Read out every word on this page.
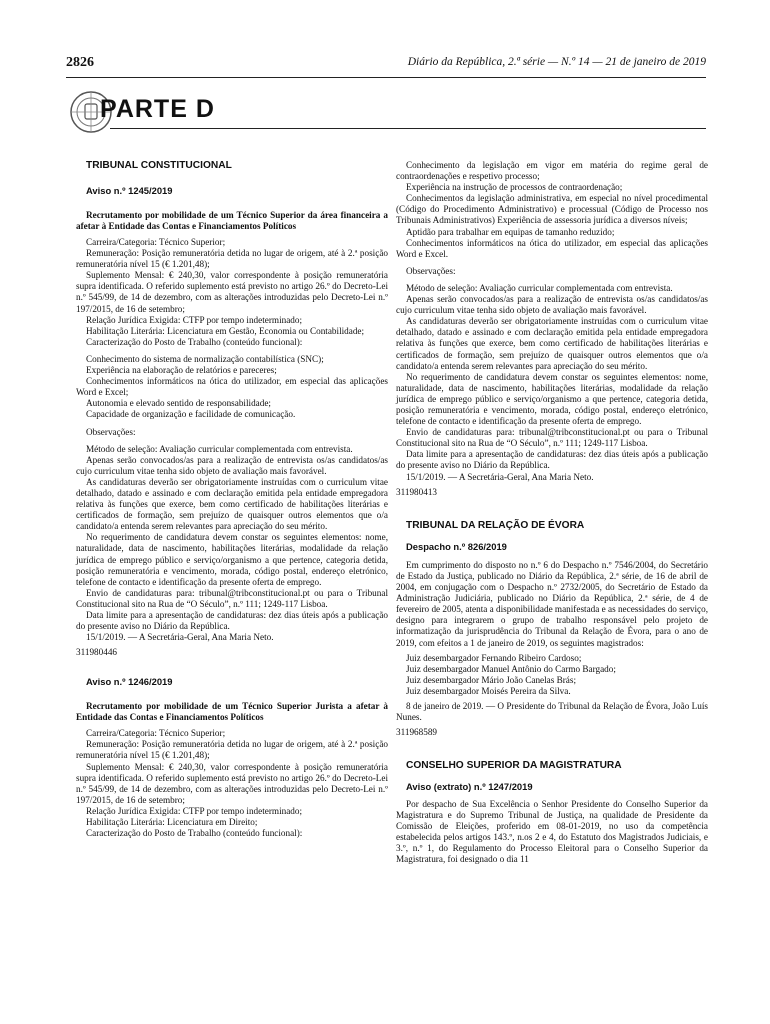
2826	Diário da República, 2.ª série — N.º 14 — 21 de janeiro de 2019
PARTE D

TRIBUNAL CONSTITUCIONAL

Aviso n.º 1245/2019

Recrutamento por mobilidade de um Técnico Superior da área financeira a afetar à Entidade das Contas e Financiamentos Políticos

Carreira/Categoria: Técnico Superior;

Remuneração: Posição remuneratória detida no lugar de origem, até à 2.ª posição remuneratória nível 15 (€ 1.201,48);

Suplemento Mensal: € 240,30, valor correspondente à posição remuneratória supra identificada. O referido suplemento está previsto no artigo 26.º do Decreto-Lei n.º 545/99, de 14 de dezembro, com as alterações introduzidas pelo Decreto-Lei n.º 197/2015, de 16 de setembro;

Relação Jurídica Exigida: CTFP por tempo indeterminado;

Habilitação Literária: Licenciatura em Gestão, Economia ou Contabilidade;

Caracterização do Posto de Trabalho (conteúdo funcional):

Conhecimento do sistema de normalização contabilística (SNC);

Experiência na elaboração de relatórios e pareceres;

Conhecimentos informáticos na ótica do utilizador, em especial das aplicações Word e Excel;

Autonomia e elevado sentido de responsabilidade;

Capacidade de organização e facilidade de comunicação.

Observações:

Método de seleção: Avaliação curricular complementada com entrevista.

Apenas serão convocados/as para a realização de entrevista os/as candidatos/as cujo curriculum vitae tenha sido objeto de avaliação mais favorável.

As candidaturas deverão ser obrigatoriamente instruídas com o curriculum vitae detalhado, datado e assinado e com declaração emitida pela entidade empregadora relativa às funções que exerce, bem como certificado de habilitações literárias e certificados de formação, sem prejuízo de quaisquer outros elementos que o/a candidato/a entenda serem relevantes para apreciação do seu mérito.

No requerimento de candidatura devem constar os seguintes elementos: nome, naturalidade, data de nascimento, habilitações literárias, modalidade da relação jurídica de emprego público e serviço/organismo a que pertence, categoria detida, posição remuneratória e vencimento, morada, código postal, endereço eletrónico, telefone de contacto e identificação da presente oferta de emprego.

Envio de candidaturas para: tribunal@tribconstitucional.pt ou para o Tribunal Constitucional sito na Rua de “O Século”, n.º 111; 1249-117 Lisboa.

Data limite para a apresentação de candidaturas: dez dias úteis após a publicação do presente aviso no Diário da República.

15/1/2019. — A Secretária-Geral, Ana Maria Neto.

311980446

Aviso n.º 1246/2019

Recrutamento por mobilidade de um Técnico Superior Jurista a afetar à Entidade das Contas e Financiamentos Políticos

Carreira/Categoria: Técnico Superior;

Remuneração: Posição remuneratória detida no lugar de origem, até à 2.ª posição remuneratória nível 15 (€ 1.201,48);

Suplemento Mensal: € 240,30, valor correspondente à posição remuneratória supra identificada. O referido suplemento está previsto no artigo 26.º do Decreto-Lei n.º 545/99, de 14 de dezembro, com as alterações introduzidas pelo Decreto-Lei n.º 197/2015, de 16 de setembro;

Relação Jurídica Exigida: CTFP por tempo indeterminado;

Habilitação Literária: Licenciatura em Direito;

Caracterização do Posto de Trabalho (conteúdo funcional):

Conhecimento da legislação em vigor em matéria do regime geral de contraordenações e respetivo processo;

Experiência na instrução de processos de contraordenação;

Conhecimentos da legislação administrativa, em especial no nível procedimental (Código do Procedimento Administrativo) e processual (Código de Processo nos Tribunais Administrativos) Experiência de assessoria jurídica a diversos níveis;

Aptidão para trabalhar em equipas de tamanho reduzido;

Conhecimentos informáticos na ótica do utilizador, em especial das aplicações Word e Excel.

Observações:

Método de seleção: Avaliação curricular complementada com entrevista.

Apenas serão convocados/as para a realização de entrevista os/as candidatos/as cujo curriculum vitae tenha sido objeto de avaliação mais favorável.

As candidaturas deverão ser obrigatoriamente instruídas com o curriculum vitae detalhado, datado e assinado e com declaração emitida pela entidade empregadora relativa às funções que exerce, bem como certificado de habilitações literárias e certificados de formação, sem prejuízo de quaisquer outros elementos que o/a candidato/a entenda serem relevantes para apreciação do seu mérito.

No requerimento de candidatura devem constar os seguintes elementos: nome, naturalidade, data de nascimento, habilitações literárias, modalidade da relação jurídica de emprego público e serviço/organismo a que pertence, categoria detida, posição remuneratória e vencimento, morada, código postal, endereço eletrónico, telefone de contacto e identificação da presente oferta de emprego.

Envio de candidaturas para: tribunal@tribconstitucional.pt ou para o Tribunal Constitucional sito na Rua de “O Século”, n.º 111; 1249-117 Lisboa.

Data limite para a apresentação de candidaturas: dez dias úteis após a publicação do presente aviso no Diário da República.

15/1/2019. — A Secretária-Geral, Ana Maria Neto.

311980413

TRIBUNAL DA RELAÇÃO DE ÉVORA

Despacho n.º 826/2019

Em cumprimento do disposto no n.º 6 do Despacho n.º 7546/2004, do Secretário de Estado da Justiça, publicado no Diário da República, 2.ª série, de 16 de abril de 2004, em conjugação com o Despacho n.º 2732/2005, do Secretário de Estado da Administração Judiciária, publicado no Diário da República, 2.ª série, de 4 de fevereiro de 2005, atenta a disponibilidade manifestada e as necessidades do serviço, designo para integrarem o grupo de trabalho responsável pelo projeto de informatização da jurisprudência do Tribunal da Relação de Évora, para o ano de 2019, com efeitos a 1 de janeiro de 2019, os seguintes magistrados:

Juiz desembargador Fernando Ribeiro Cardoso;

Juiz desembargador Manuel Antônio do Carmo Bargado;

Juiz desembargador Mário João Canelas Brás;

Juiz desembargador Moisés Pereira da Silva.

8 de janeiro de 2019. — O Presidente do Tribunal da Relação de Évora, João Luís Nunes.

311968589

CONSELHO SUPERIOR DA MAGISTRATURA

Aviso (extrato) n.º 1247/2019

Por despacho de Sua Excelência o Senhor Presidente do Conselho Superior da Magistratura e do Supremo Tribunal de Justiça, na qualidade de Presidente da Comissão de Eleições, proferido em 08-01-2019, no uso da competência estabelecida pelos artigos 143.º, n.os 2 e 4, do Estatuto dos Magistrados Judiciais, e 3.º, n.º 1, do Regulamento do Processo Eleitoral para o Conselho Superior da Magistratura, foi designado o dia 11
